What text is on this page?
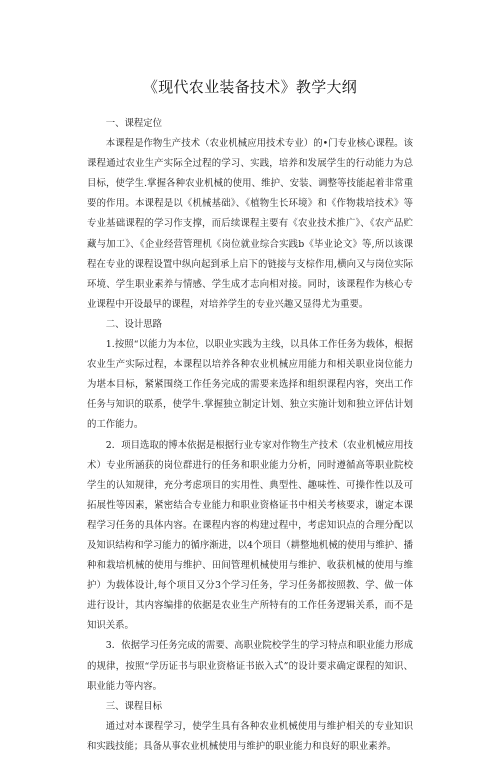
《现代农业装备技术》教学大纲

一、课程定位

本课程是作物生产技术（农业机械应用技术专业）的•门专业核心课程。该课程通过农业生产实际全过程的学习、实践，培养和发展学生的行动能力为总目标，使学生.掌握各种农业机械的使用、维护、安装、调整等技能起着非常重要的作用。本课程是以《机械基础》、《植物生长环境》和《作物栽培技术》等专业基础课程的学习作支撑，而后续课程主要有《农业技术推广》、《农产品贮藏与加工》、《企业经营管理机《岗位就业综合实践b《毕业论文》等,所以该课程在专业的课程设置中纵向起到承上启下的链接与支棕作用,横向又与岗位实际环境、学生职业素养与情感、学生成才志向相对接。同时，该课程作为核心专业课程中开设最早的课程，对培养学生的专业兴趣又显得尤为重要。

二、设计思路

1.按照“以能力为本位，以职业实践为主线，以具体工作任务为载体，根据农业生产实际过程，本课程以培养各种农业机械应用能力和相关职业岗位能力为堪本目标，紧紧围绕工作任务完成的需要来选择和组织课程内容，突出工作任务与知识的联系，使学牛.掌握独立制定计划、独立实施计划和独立评估计划的工作能力。

2．项目选取的博本依据是根据行业专家对作物生产技术（农业机械应用技术）专业所涵获的岗位群进行的任务和职业能力分析，同时遵循高等职业院校学生的认知规律，充分考虑项目的实用性、典型性、趣味性、可操作性以及可拓展性等因素，紧密结合专业能力和职业资格证书中相关考核要求，谢定本课程学习任务的具体内容。在课程内容的构建过程中，考虑知识点的合理分配以及知识结构和学习能力的循序渐进，以4个项目（耕整地机械的使用与维护、播种和栽培机械的使用与维护、田间管理机械使用与维护、收获机械的使用与维护）为载体设计,每个项目又分3个学习任务，学习任务都按照教、学、做一体进行设计，其内容编排的依据是农业生产所特有的工作任务逻辑关系，而不是知识关系。

3．依据学习任务完成的需要、高职业院校学生的学习特点和职业能力形成的规律，按照“学历证书与职业资格证书嵌入式”的设计要求确定课程的知识、职业能力等内容。

三、课程目标

通过对本课程学习，使学生具有各种农业机械使用与维护相关的专业知识和实践技能；具备从事农业机械使用与维护的职业能力和良好的职业素养。
